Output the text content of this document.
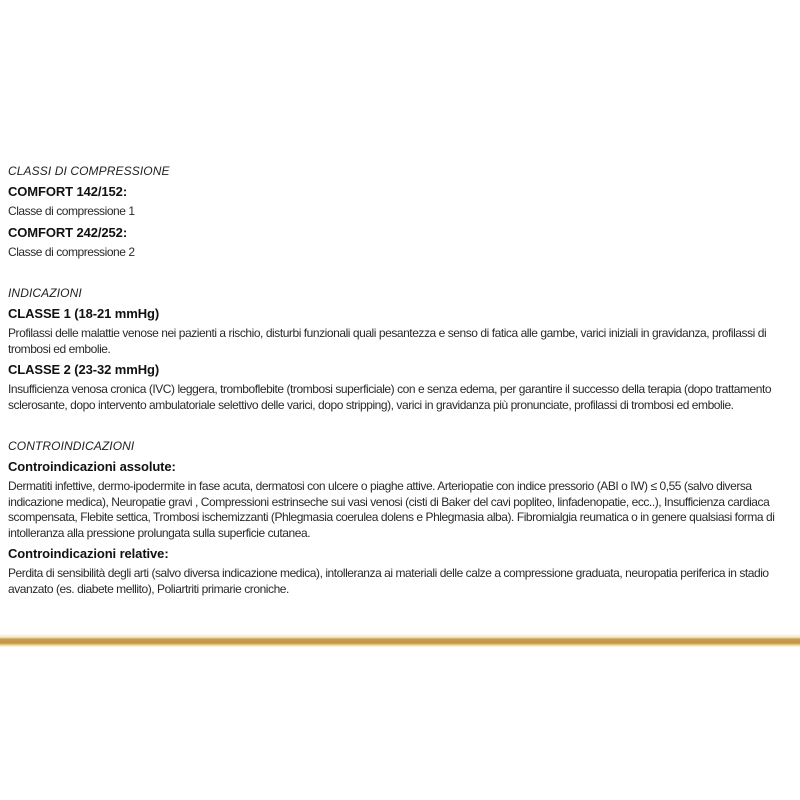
CLASSI DI COMPRESSIONE

COMFORT 142/152:

Classe di compressione 1

COMFORT 242/252:

Classe di compressione 2

INDICAZIONI

CLASSE 1 (18-21 mmHg)

Profilassi delle malattie venose nei pazienti a rischio, disturbi funzionali quali pesantezza e senso di fatica alle gambe, varici iniziali in gravidanza, profilassi di trombosi ed embolie.

CLASSE 2 (23-32 mmHg)

Insufficienza venosa cronica (IVC) leggera, tromboflebite (trombosi superficiale) con e senza edema, per garantire il successo della terapia (dopo trattamento sclerosante, dopo intervento ambulatoriale selettivo delle varici, dopo stripping), varici in gravidanza più pronunciate, profilassi di trombosi ed embolie.

CONTROINDICAZIONI

Controindicazioni assolute:

Dermatiti infettive, dermo-ipodermite in fase acuta, dermatosi con ulcere o piaghe attive. Arteriopatie con indice pressorio (ABI o IW) ≤ 0,55 (salvo diversa indicazione medica), Neuropatie gravi , Compressioni estrinseche sui vasi venosi (cisti di Baker del cavi popliteo, linfadenopatie, ecc..), Insufficienza cardiaca scompensata, Flebite settica, Trombosi ischemizzanti (Phlegmasia coerulea dolens e Phlegmasia alba). Fibromialgia reumatica o in genere qualsiasi forma di intolleranza alla pressione prolungata sulla superficie cutanea.

Controindicazioni relative:

Perdita di sensibilità degli arti (salvo diversa indicazione medica), intolleranza ai materiali delle calze a compressione graduata, neuropatia periferica in stadio avanzato (es. diabete mellito), Poliartriti primarie croniche.
